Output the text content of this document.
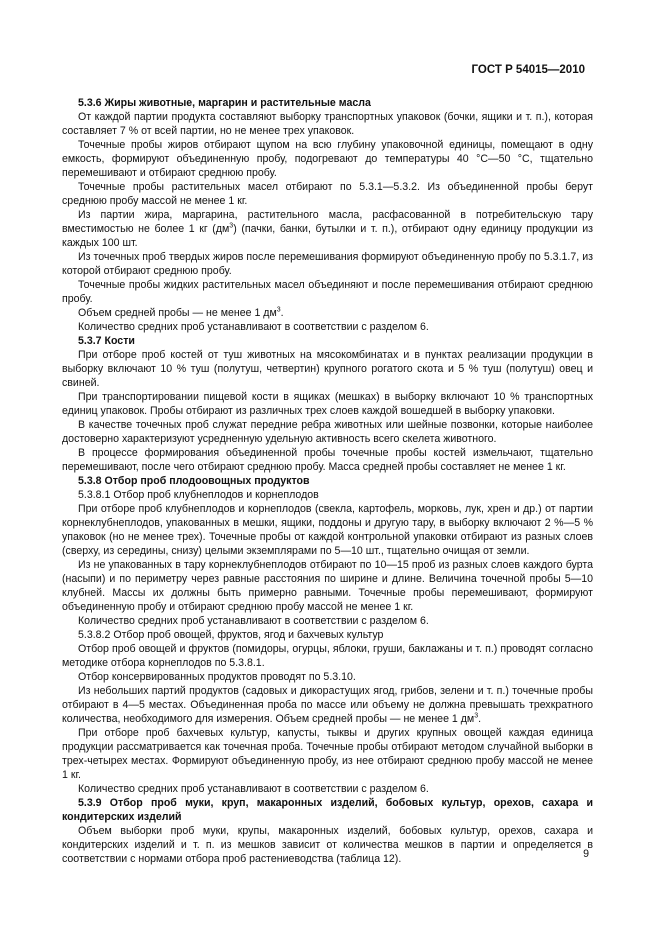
ГОСТ Р 54015—2010

5.3.6 Жиры животные, маргарин и растительные масла

От каждой партии продукта составляют выборку транспортных упаковок (бочки, ящики и т. п.), которая составляет 7 % от всей партии, но не менее трех упаковок.

Точечные пробы жиров отбирают щупом на всю глубину упаковочной единицы, помещают в одну емкость, формируют объединенную пробу, подогревают до температуры 40 °С—50 °С, тщательно перемешивают и отбирают среднюю пробу.

Точечные пробы растительных масел отбирают по 5.3.1—5.3.2. Из объединенной пробы берут среднюю пробу массой не менее 1 кг.

Из партии жира, маргарина, растительного масла, расфасованной в потребительскую тару вместимостью не более 1 кг $(дм^3)$ (пачки, банки, бутылки и т. п.), отбирают одну единицу продукции из каждых 100 шт.

Из точечных проб твердых жиров после перемешивания формируют объединенную пробу по 5.3.1.7, из которой отбирают среднюю пробу.

Точечные пробы жидких растительных масел объединяют и после перемешивания отбирают среднюю пробу.

Объем средней пробы — не менее 1 $дм^3$.

Количество средних проб устанавливают в соответствии с разделом 6.

5.3.7 Кости

При отборе проб костей от туш животных на мясокомбинатах и в пунктах реализации продукции в выборку включают 10 % туш (полутуш, четвертин) крупного рогатого скота и 5 % туш (полутуш) овец и свиней.

При транспортировании пищевой кости в ящиках (мешках) в выборку включают 10 % транспортных единиц упаковок. Пробы отбирают из различных трех слоев каждой вошедшей в выборку упаковки.

В качестве точечных проб служат передние ребра животных или шейные позвонки, которые наиболее достоверно характеризуют усредненную удельную активность всего скелета животного.

В процессе формирования объединенной пробы точечные пробы костей измельчают, тщательно перемешивают, после чего отбирают среднюю пробу. Масса средней пробы составляет не менее 1 кг.

5.3.8 Отбор проб плодоовощных продуктов

5.3.8.1 Отбор проб клубнеплодов и корнеплодов

При отборе проб клубнеплодов и корнеплодов (свекла, картофель, морковь, лук, хрен и др.) от партии корнеклубнеплодов, упакованных в мешки, ящики, поддоны и другую тару, в выборку включают 2 %—5 % упаковок (но не менее трех). Точечные пробы от каждой контрольной упаковки отбирают из разных слоев (сверху, из середины, снизу) целыми экземплярами по 5—10 шт., тщательно очищая от земли.

Из не упакованных в тару корнеклубнеплодов отбирают по 10—15 проб из разных слоев каждого бурта (насыпи) и по периметру через равные расстояния по ширине и длине. Величина точечной пробы 5—10 клубней. Массы их должны быть примерно равными. Точечные пробы перемешивают, формируют объединенную пробу и отбирают среднюю пробу массой не менее 1 кг.

Количество средних проб устанавливают в соответствии с разделом 6.

5.3.8.2 Отбор проб овощей, фруктов, ягод и бахчевых культур

Отбор проб овощей и фруктов (помидоры, огурцы, яблоки, груши, баклажаны и т. п.) проводят согласно методике отбора корнеплодов по 5.3.8.1.

Отбор консервированных продуктов проводят по 5.3.10.

Из небольших партий продуктов (садовых и дикорастущих ягод, грибов, зелени и т. п.) точечные пробы отбирают в 4—5 местах. Объединенная проба по массе или объему не должна превышать трехкратного количества, необходимого для измерения. Объем средней пробы — не менее 1 $дм^3$.

При отборе проб бахчевых культур, капусты, тыквы и других крупных овощей каждая единица продукции рассматривается как точечная проба. Точечные пробы отбирают методом случайной выборки в трех-четырех местах. Формируют объединенную пробу, из нее отбирают среднюю пробу массой не менее 1 кг.

Количество средних проб устанавливают в соответствии с разделом 6.

5.3.9 Отбор проб муки, круп, макаронных изделий, бобовых культур, орехов, сахара и кондитерских изделий

Объем выборки проб муки, крупы, макаронных изделий, бобовых культур, орехов, сахара и кондитерских изделий и т. п. из мешков зависит от количества мешков в партии и определяется в соответствии с нормами отбора проб растениеводства (таблица 12).	9
